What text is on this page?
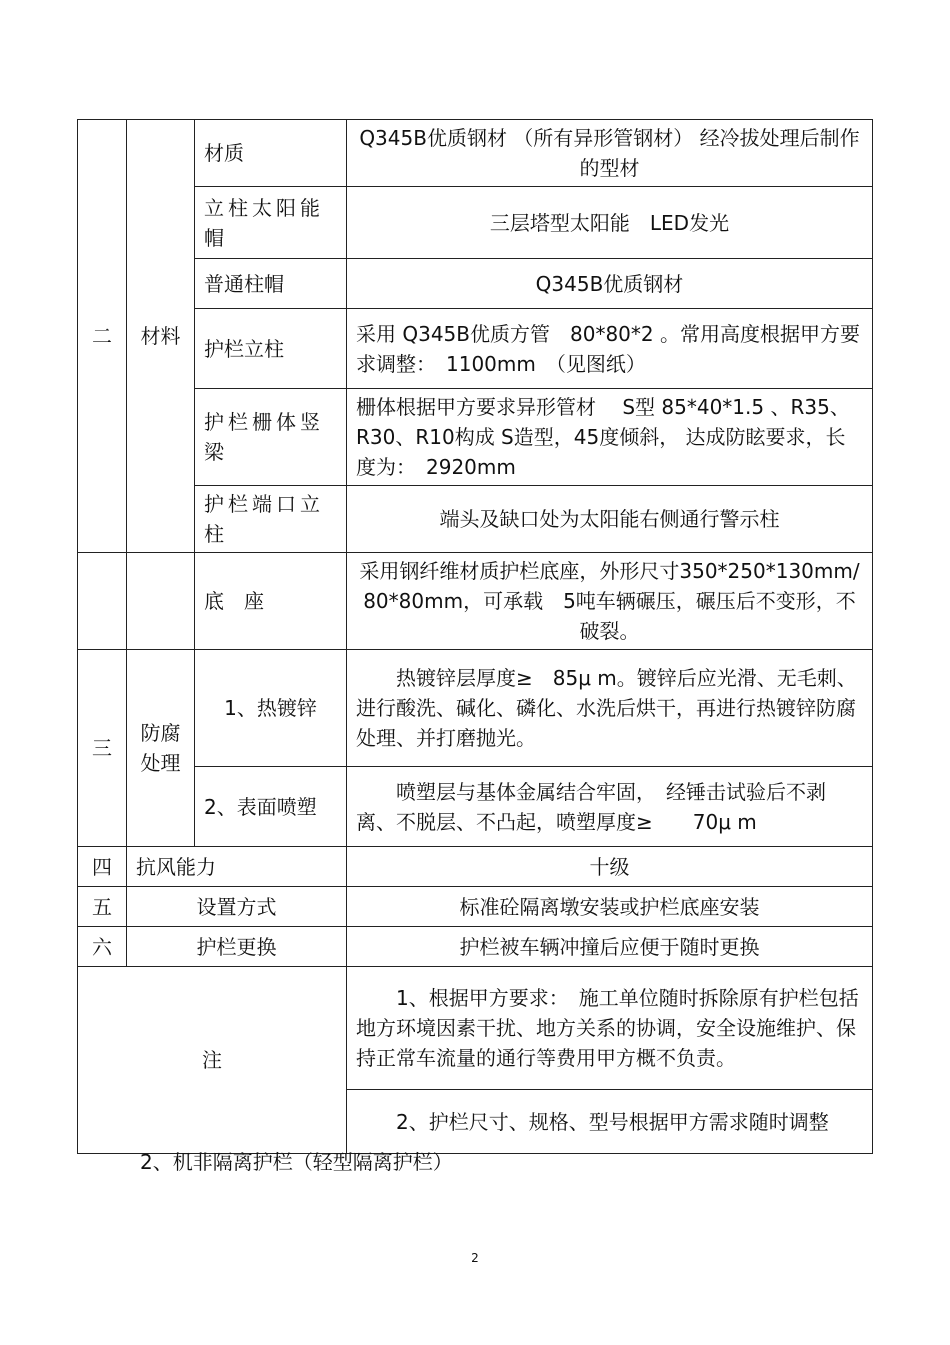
二	材料	材质	Q345B优质钢材 （所有异形管钢材） 经冷拔处理后制作的型材
		立柱太阳能帽	三层塔型太阳能　LED发光
		普通柱帽	Q345B优质钢材
		护栏立柱	采用 Q345B优质方管　80*80*2 。常用高度根据甲方要求调整：　1100mm　（见图纸）
		护栏栅体竖梁	栅体根据甲方要求异形管材　 S型 85*40*1.5 、R35、R30、R10构成 S造型，45度倾斜， 达成防眩要求，长度为：　2920mm
		护栏端口立柱	端头及缺口处为太阳能右侧通行警示柱
		底　座	采用钢纤维材质护栏底座，外形尺寸350*250*130mm/80*80mm，可承载　5吨车辆碾压，碾压后不变形，不破裂。
三	防腐处理	1、热镀锌	热镀锌层厚度≥　85μ m。镀锌后应光滑、无毛刺、进行酸洗、碱化、磷化、水洗后烘干，再进行热镀锌防腐处理、并打磨抛光。
		2、表面喷塑	喷塑层与基体金属结合牢固，　经锤击试验后不剥离、不脱层、不凸起，喷塑厚度≥　　70μ m
四	抗风能力		十级
五	设置方式		标准砼隔离墩安装或护栏底座安装
六	护栏更换		护栏被车辆冲撞后应便于随时更换
注			1、根据甲方要求：　施工单位随时拆除原有护栏包括地方环境因素干扰、地方关系的协调，安全设施维护、保持正常车流量的通行等费用甲方概不负责。
			2、护栏尺寸、规格、型号根据甲方需求随时调整
2、机非隔离护栏（轻型隔离护栏）
2
